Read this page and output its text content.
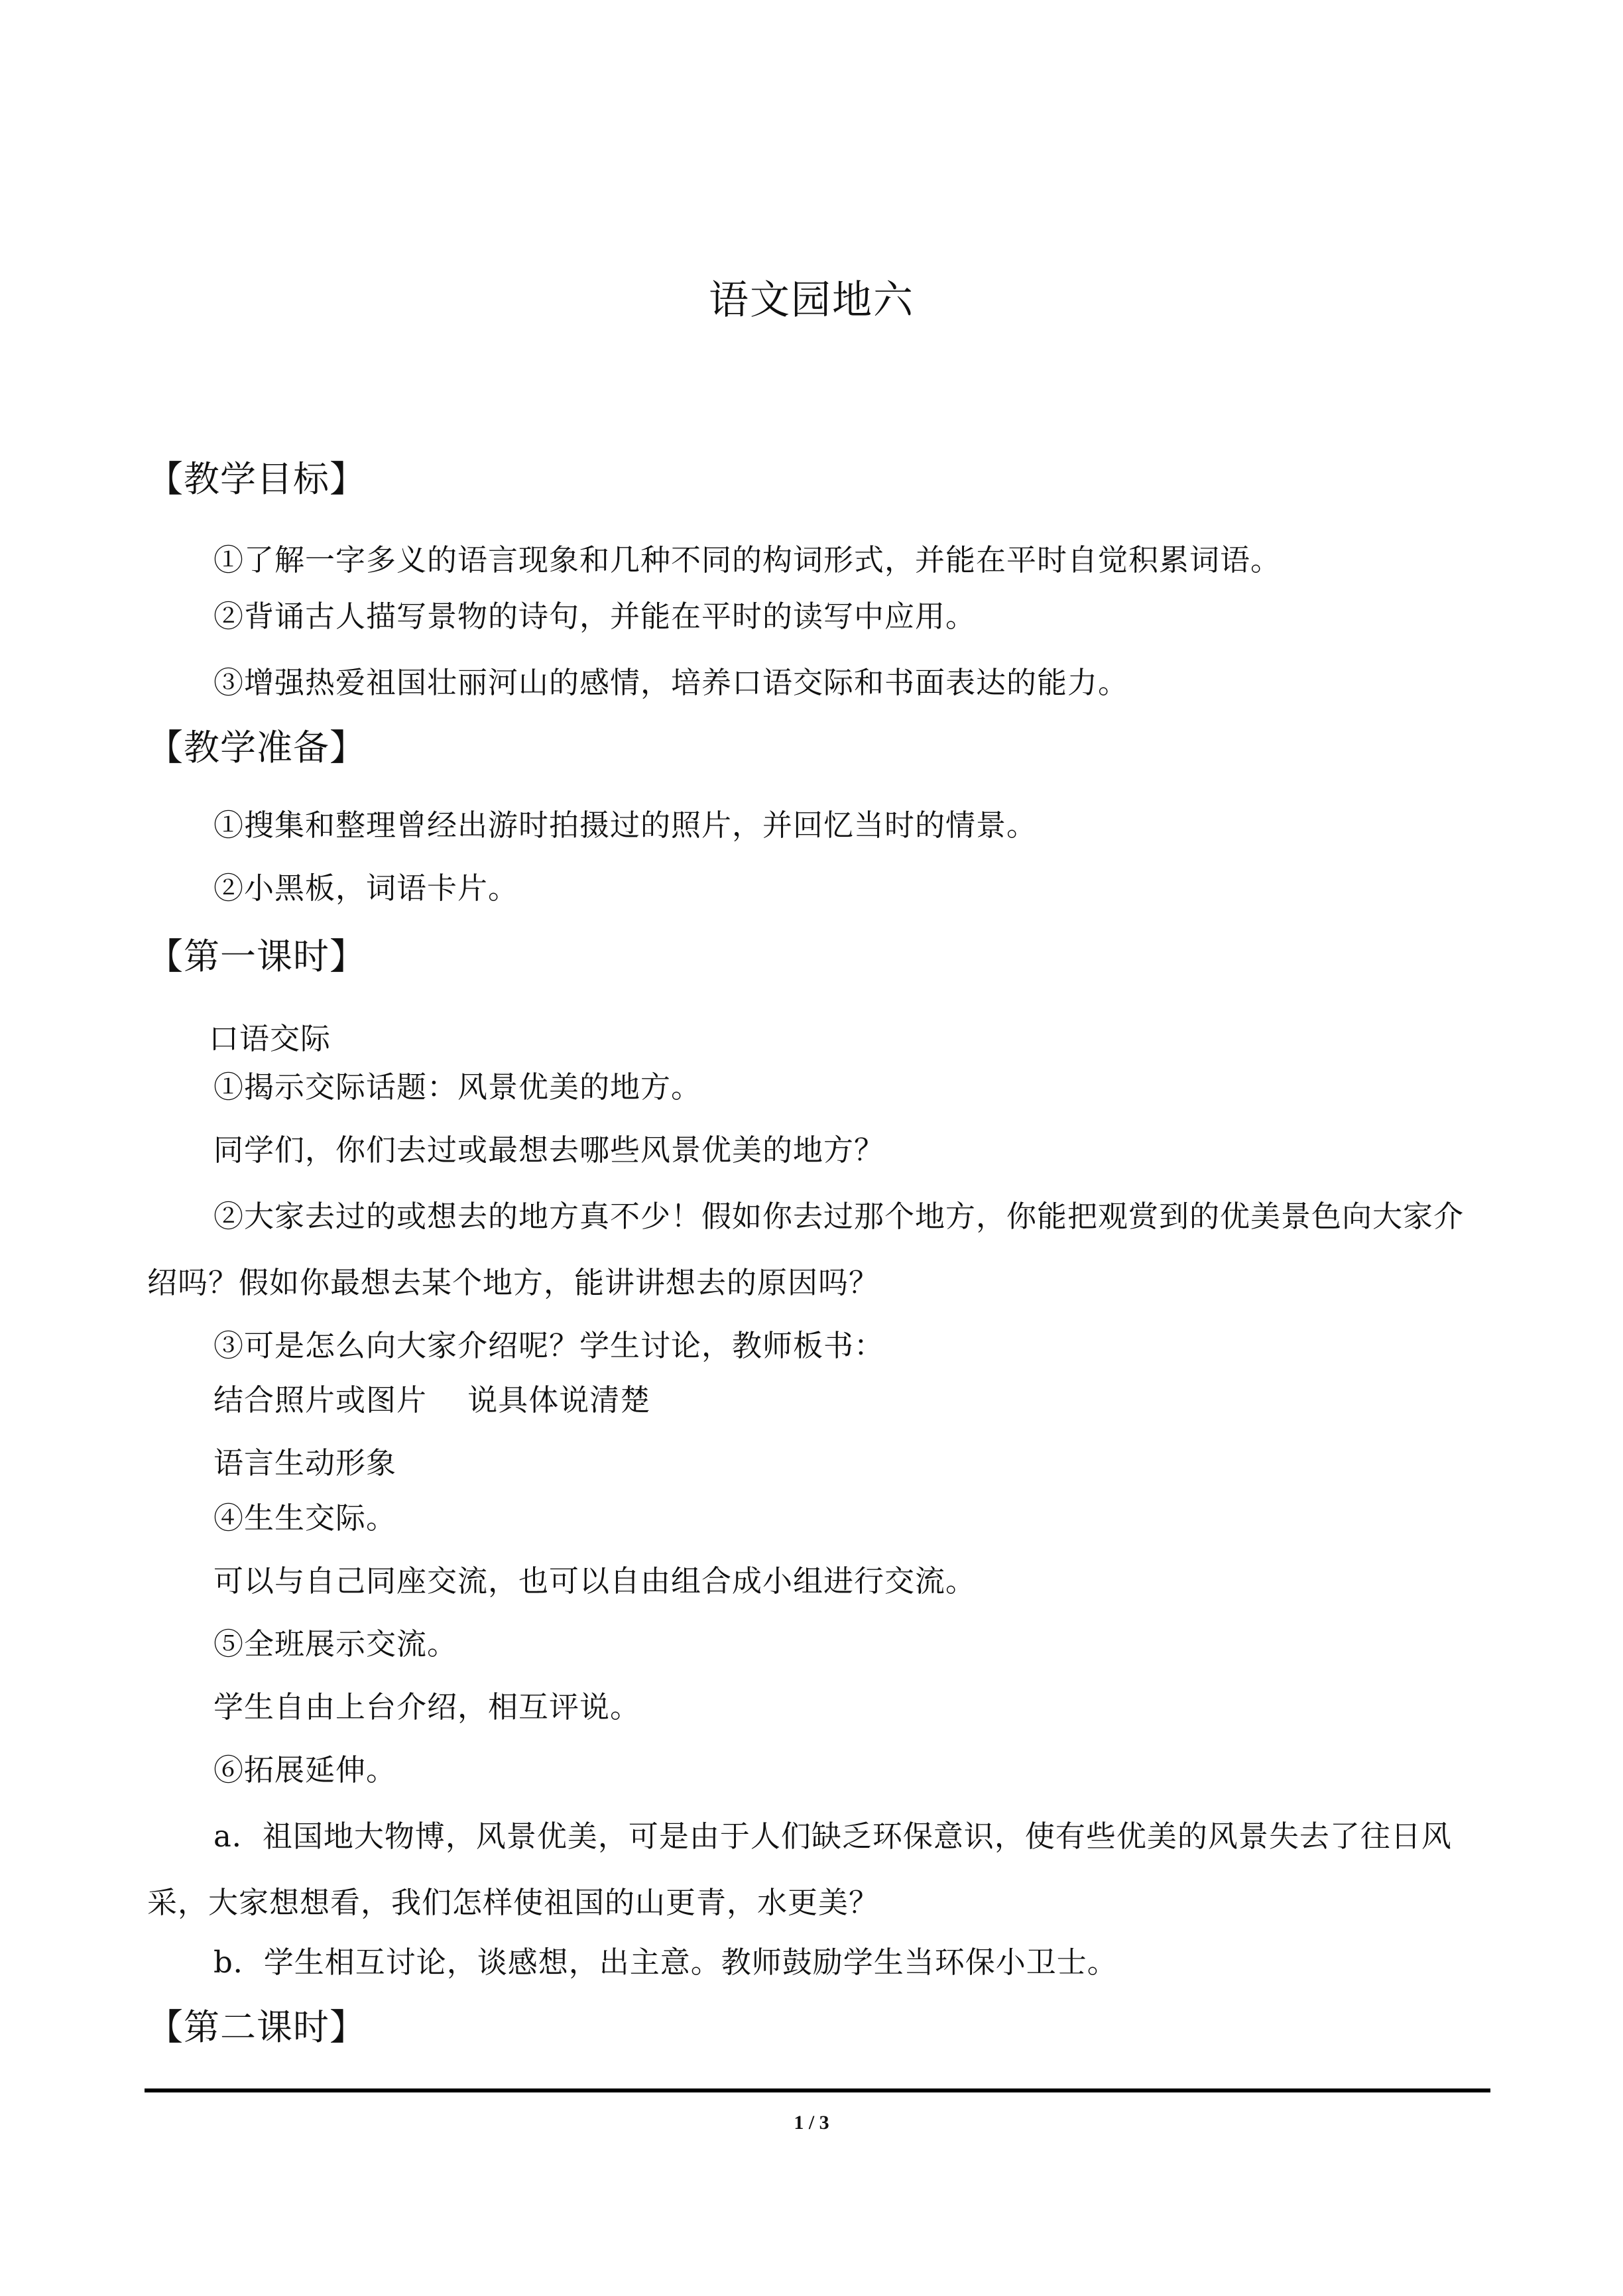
语文园地六
【教学目标】

①了解一字多义的语言现象和几种不同的构词形式，并能在平时自觉积累词语。

②背诵古人描写景物的诗句，并能在平时的读写中应用。

③增强热爱祖国壮丽河山的感情，培养口语交际和书面表达的能力。

【教学准备】

①搜集和整理曾经出游时拍摄过的照片，并回忆当时的情景。

②小黑板，词语卡片。

【第一课时】
口语交际

①揭示交际话题：风景优美的地方。

同学们，你们去过或最想去哪些风景优美的地方？

②大家去过的或想去的地方真不少！假如你去过那个地方，你能把观赏到的优美景色向大家介绍吗？假如你最想去某个地方，能讲讲想去的原因吗？

③可是怎么向大家介绍呢？学生讨论，教师板书：

结合照片或图片    说具体说清楚
语言生动形象

④生生交际。

可以与自己同座交流，也可以自由组合成小组进行交流。

⑤全班展示交流。

学生自由上台介绍，相互评说。

⑥拓展延伸。

a．祖国地大物博，风景优美，可是由于人们缺乏环保意识，使有些优美的风景失去了往日风采，大家想想看，我们怎样使祖国的山更青，水更美？

b．学生相互讨论，谈感想，出主意。教师鼓励学生当环保小卫士。

【第二课时】
1 / 3
